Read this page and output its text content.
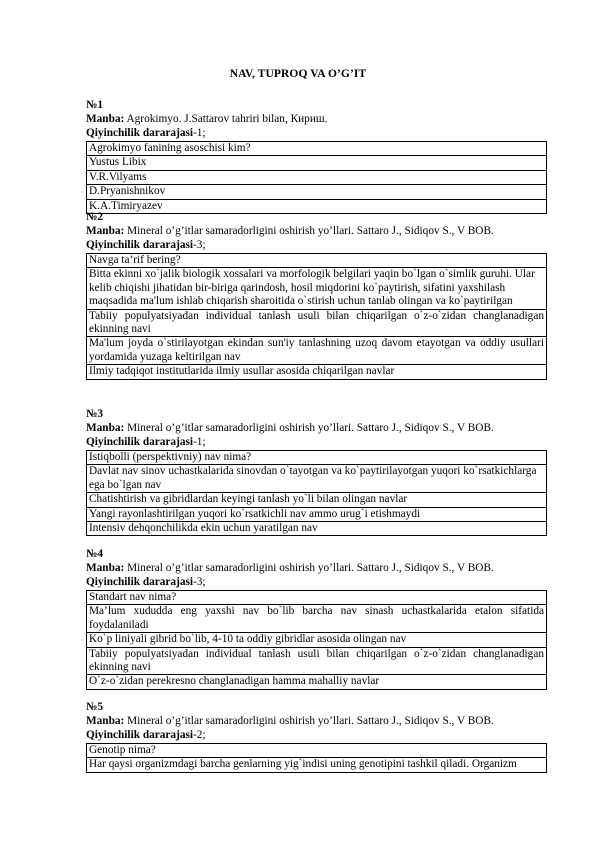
NAV, TUPROQ VA O’G’IT
№1
Manba: Agrokimyo. J.Sattarov tahriri bilan, Кириш.
Qiyinchilik dararajasi-1;
Agrokimyo fanining asoschisi kim?
Yustus Libix
V.R.Vilyams
D.Pryanishnikov
K.A.Timiryazev
№2
Manba: Mineral o’g’itlar samaradorligini oshirish yo’llari. Sattaro J., Sidiqov S., V BOB.
Qiyinchilik dararajasi-3;
Navga ta’rif bering?
Bitta ekinni xo`jalik biologik xossalari va morfologik belgilari yaqin bo`lgan o`simlik guruhi. Ular kelib chiqishi jihatidan bir-biriga qarindosh, hosil miqdorini ko`paytirish, sifatini yaxshilash maqsadida ma'lum ishlab chiqarish sharoitida o`stirish uchun tanlab olingan va ko`paytirilgan
Tabiiy populyatsiyadan individual tanlash usuli bilan chiqarilgan o`z-o`zidan changlanadigan ekinning navi
Ma'lum joyda o`stirilayotgan ekindan sun'iy tanlashning uzoq davom etayotgan va oddiy usullari yordamida yuzaga keltirilgan nav
Ilmiy tadqiqot institutlarida ilmiy usullar asosida chiqarilgan navlar
№3
Manba: Mineral o’g’itlar samaradorligini oshirish yo’llari. Sattaro J., Sidiqov S., V BOB.
Qiyinchilik dararajasi-1;
Istiqbolli (perspektivniy) nav nima?
Davlat nav sinov uchastkalarida sinovdan o`tayotgan va ko`paytirilayotgan yuqori ko`rsatkichlarga ega bo`lgan nav
Chatishtirish va gibridlardan keyingi tanlash yo`li bilan olingan navlar
Yangi rayonlashtirilgan yuqori ko`rsatkichli nav ammo urug`i etishmaydi
Intensiv dehqonchilikda ekin uchun yaratilgan nav
№4
Manba: Mineral o’g’itlar samaradorligini oshirish yo’llari. Sattaro J., Sidiqov S., V BOB.
Qiyinchilik dararajasi-3;
Standart nav nima?
Ma’lum xududda eng yaxshi nav bo`lib barcha nav sinash uchastkalarida etalon sifatida foydalaniladi
Ko`p liniyali gibrid bo`lib, 4-10 ta oddiy gibridlar asosida olingan nav
Tabiiy populyatsiyadan individual tanlash usuli bilan chiqarilgan o`z-o`zidan changlanadigan ekinning navi
O`z-o`zidan perekresno changlanadigan hamma mahalliy navlar
№5
Manba: Mineral o’g’itlar samaradorligini oshirish yo’llari. Sattaro J., Sidiqov S., V BOB.
Qiyinchilik dararajasi-2;
Genotip nima?
Har qaysi organizmdagi barcha genlarning yig`indisi uning genotipini tashkil qiladi. Organizm
